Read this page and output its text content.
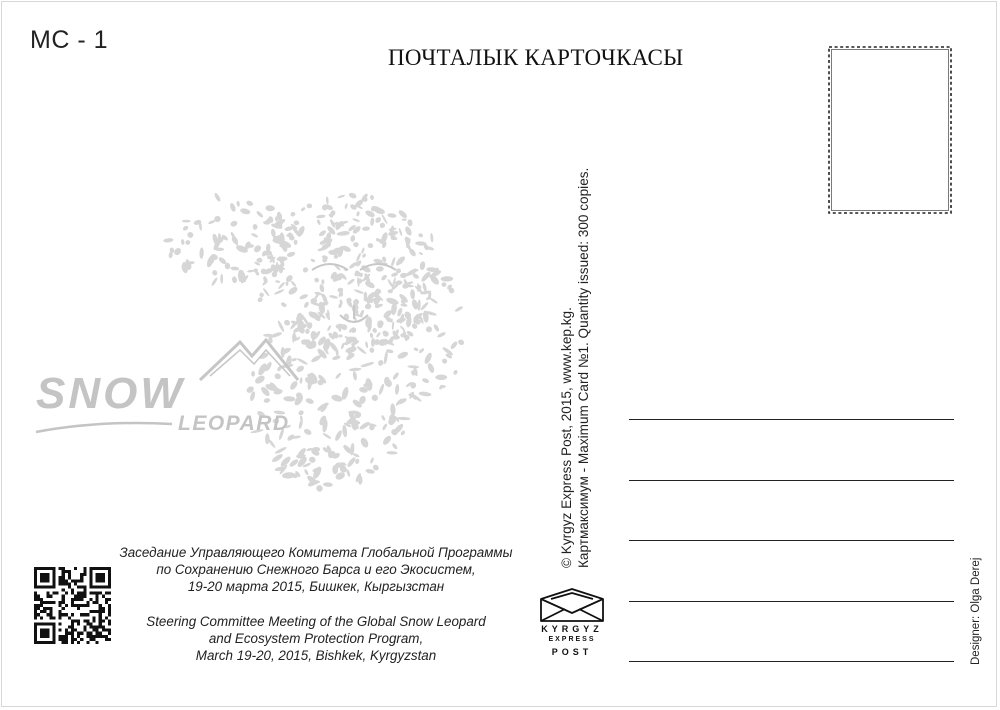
MC - 1
ПОЧТАЛЫК КАРТОЧКАСЫ
SNOW
LEOPARD
Заседание Управляющего Комитета Глобальной Программы
по Сохранению Снежного Барса и его Экосистем,
19-20 марта 2015, Бишкек, Кыргызстан
Steering Committee Meeting of the Global Snow Leopard
and Ecosystem Protection Program,
March 19-20, 2015, Bishkek, Kyrgyzstan
© Kyrgyz Express Post, 2015, www.kep.kg. Картмаксимум - Maximum Card №1. Quantity issued: 300 copies.
KYRGYZ
EXPRESS
POST	Designer: Olga Derej
